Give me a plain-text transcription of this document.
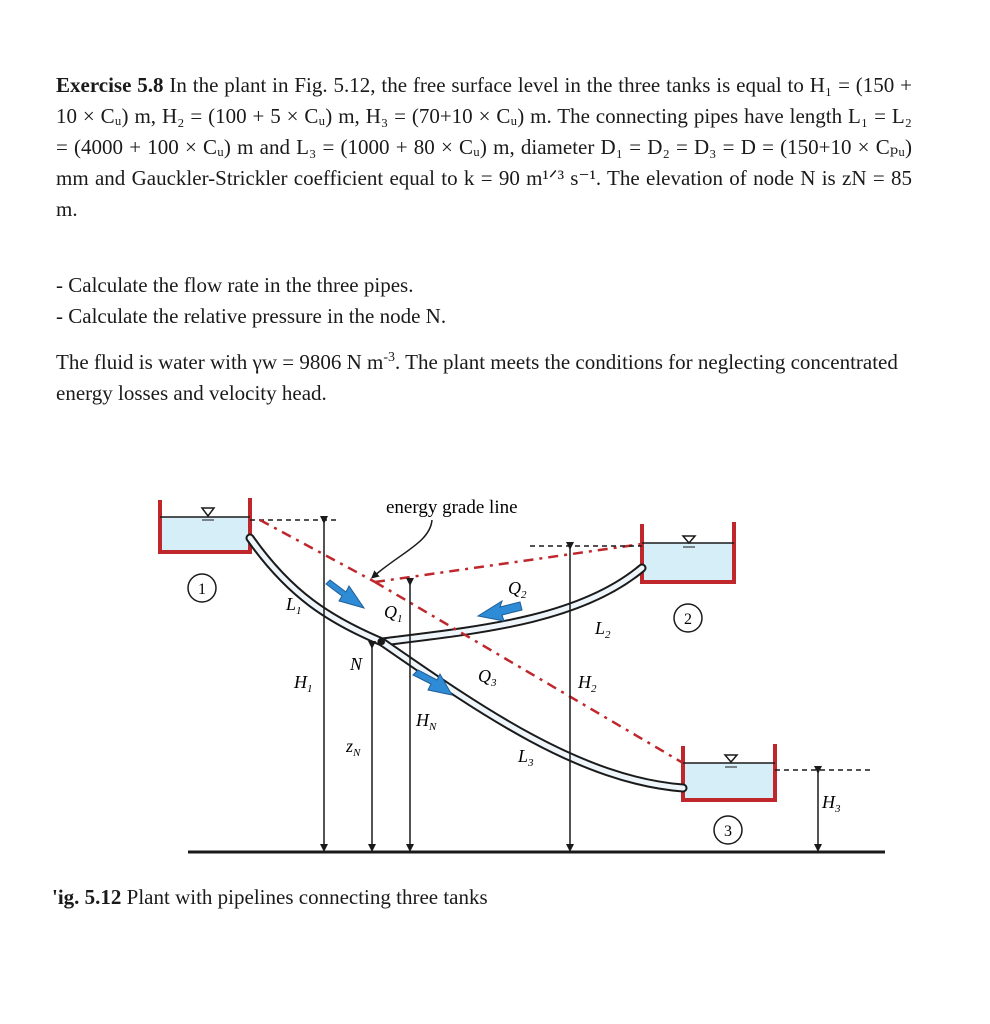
Exercise 5.8 In the plant in Fig. 5.12, the free surface level in the three tanks is equal to H₁ = (150 + 10 × Cᵤ) m, H₂ = (100 + 5 × Cᵤ) m, H₃ = (70+10 × Cᵤ) m. The connecting pipes have length L₁ = L₂ = (4000 + 100 × Cᵤ) m and L₃ = (1000 + 80 × Cᵤ) m, diameter D₁ = D₂ = D₃ = D = (150+10 × Cₚᵤ) mm and Gauckler-Strickler coefficient equal to k = 90 m¹ᐟ³ s⁻¹. The elevation of node N is zN = 85 m.

- Calculate the flow rate in the three pipes.

- Calculate the relative pressure in the node N.

The fluid is water with γw = 9806 N $m^{-3}$. The plant meets the conditions for neglecting concentrated energy losses and velocity head.

energy grade line
N
1
2
3
$L_1$
$L_2$
$L_3$
$Q_1$
$Q_2$
$Q_3$
$H_1$	$H_2$
$H_3$
$H_N$
$z_N$
'ig. 5.12 Plant with pipelines connecting three tanks
